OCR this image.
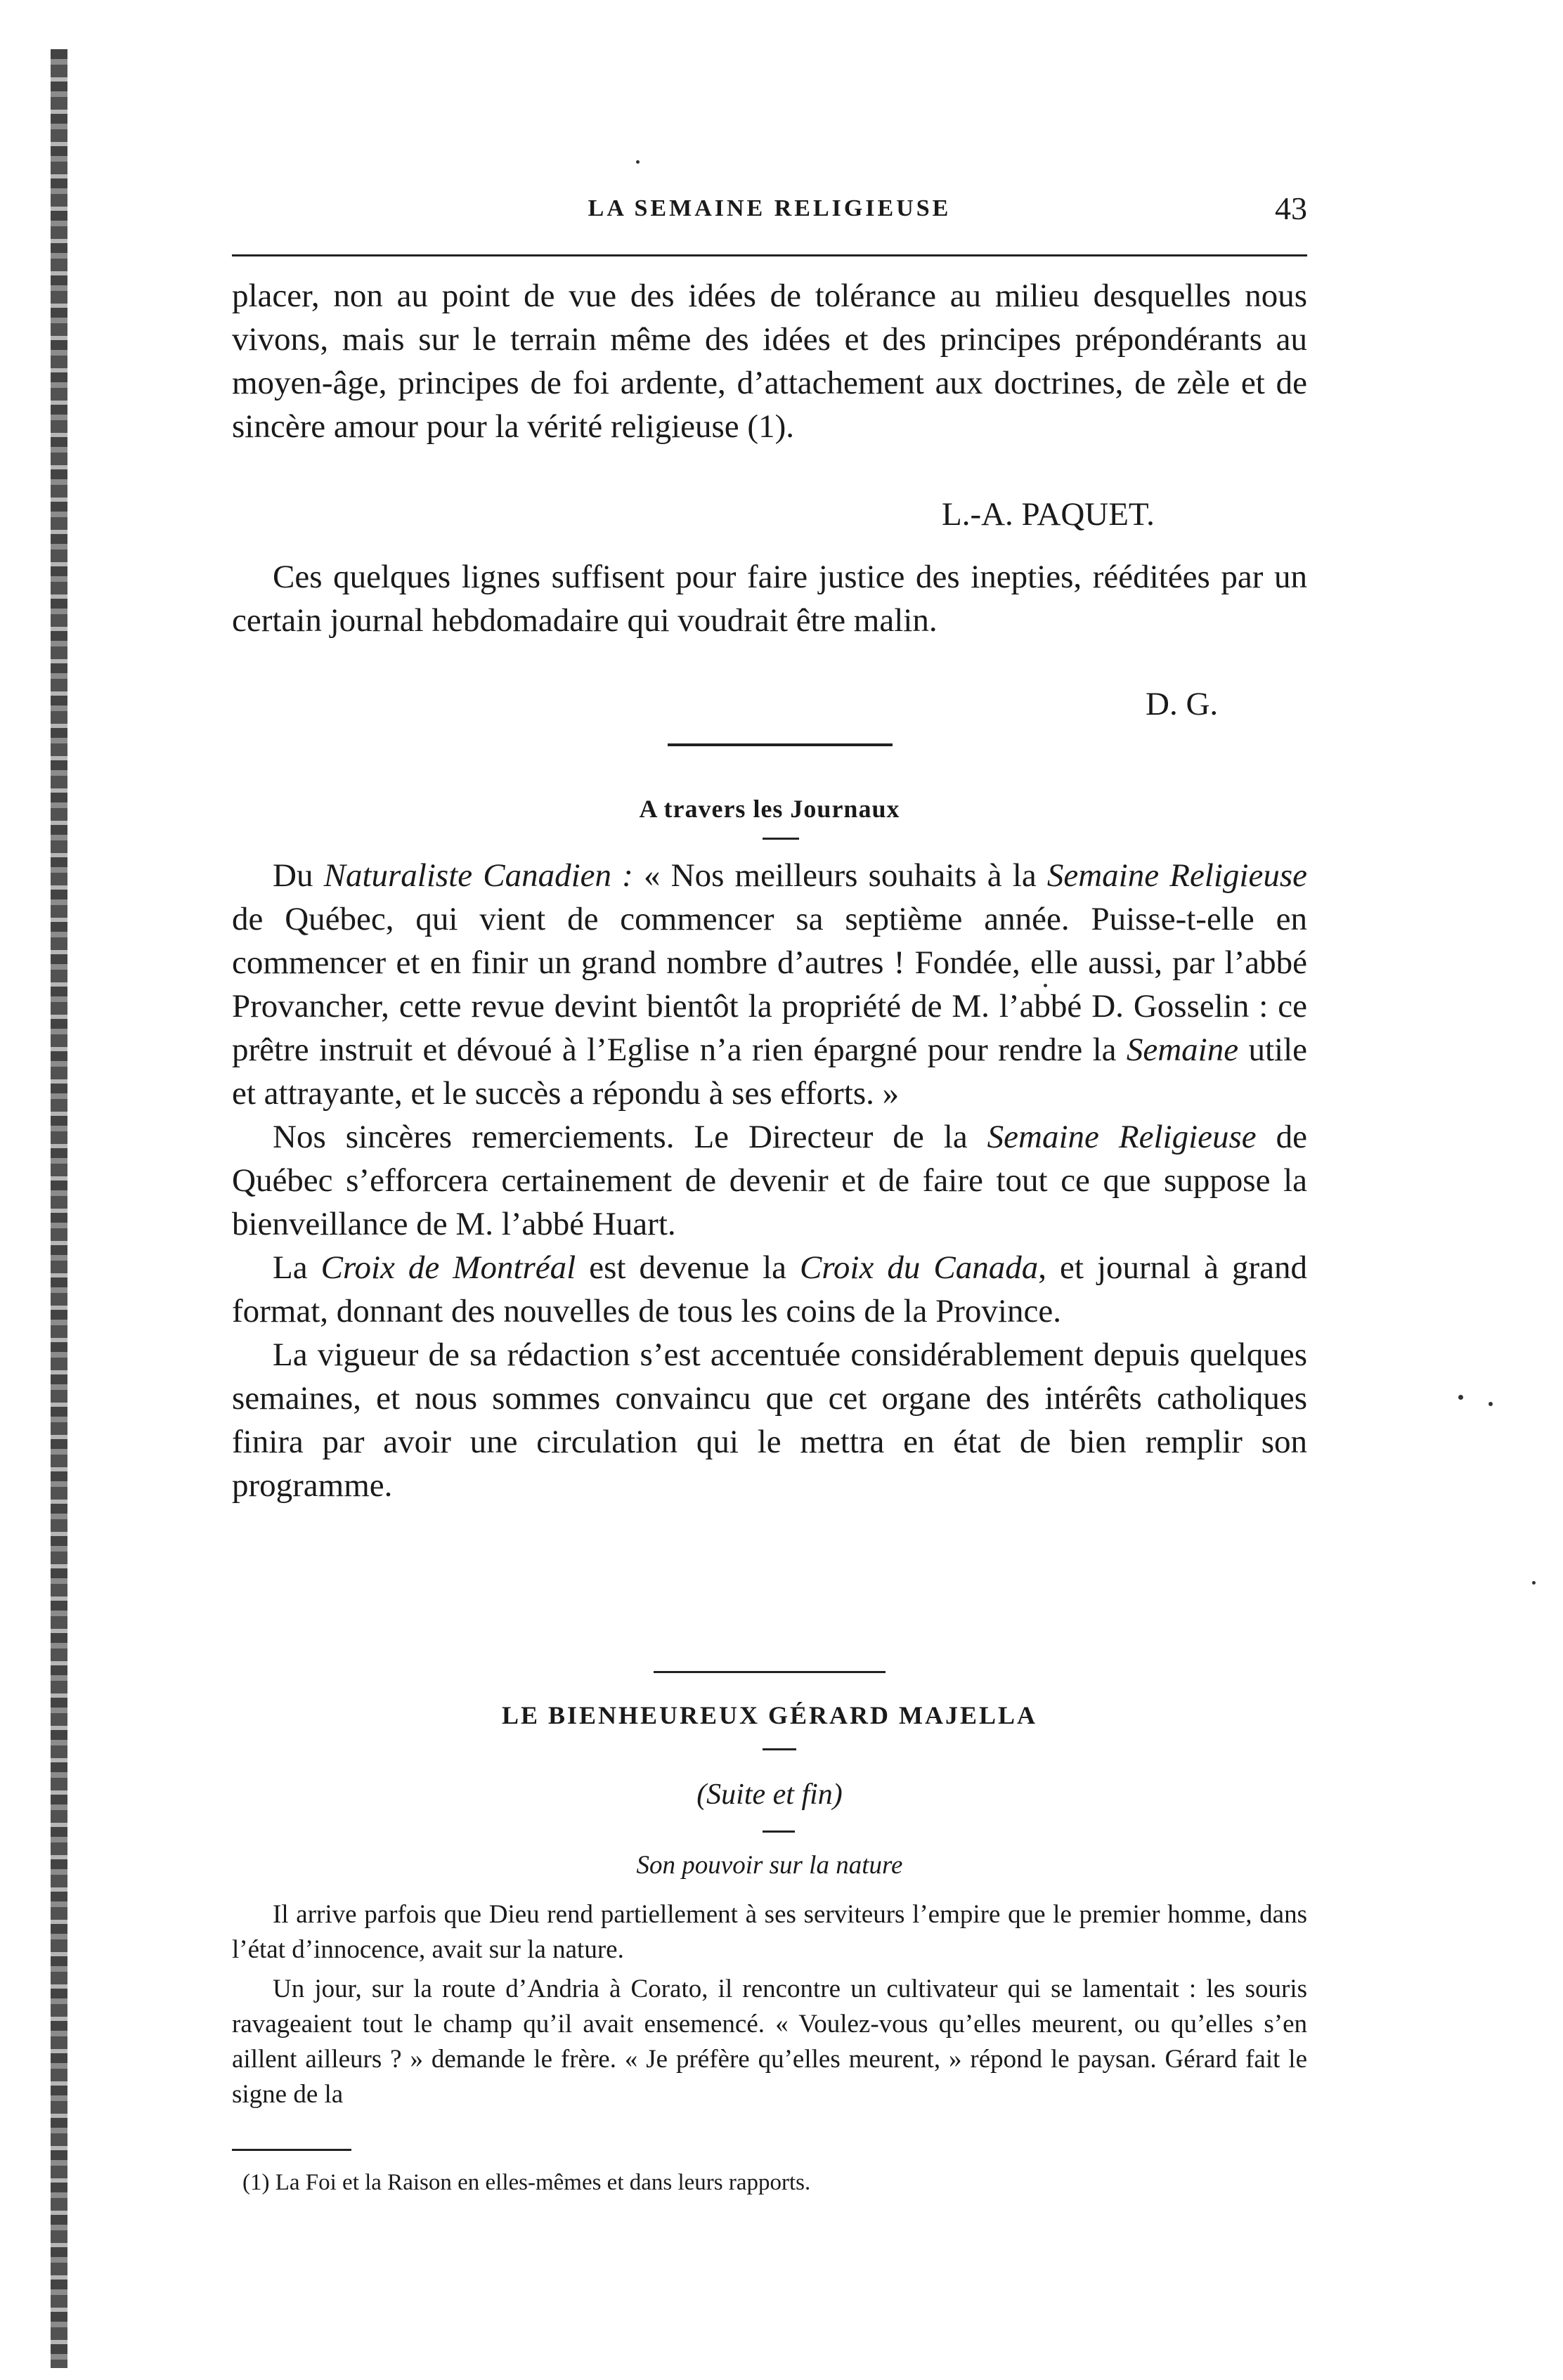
LA SEMAINE RELIGIEUSE	43

placer, non au point de vue des idées de tolérance au milieu desquelles nous vivons, mais sur le terrain même des idées et des principes prépondérants au moyen-âge, principes de foi ardente, d’attachement aux doctrines, de zèle et de sincère amour pour la vérité religieuse (1).

L.-A. PAQUET.

Ces quelques lignes suffisent pour faire justice des inepties, rééditées par un certain journal hebdomadaire qui voudrait être malin.

D. G.
A travers les Journaux

Du Naturaliste Canadien : « Nos meilleurs souhaits à la Semaine Religieuse de Québec, qui vient de commencer sa septième année. Puisse-t-elle en commencer et en finir un grand nombre d’autres ! Fondée, elle aussi, par l’abbé Provancher, cette revue devint bientôt la propriété de M. l’abbé D. Gosselin : ce prêtre instruit et dévoué à l’Eglise n’a rien épargné pour rendre la Semaine utile et attrayante, et le succès a répondu à ses efforts. »

Nos sincères remerciements. Le Directeur de la Semaine Religieuse de Québec s’efforcera certainement de devenir et de faire tout ce que suppose la bienveillance de M. l’abbé Huart.

La Croix de Montréal est devenue la Croix du Canada, et journal à grand format, donnant des nouvelles de tous les coins de la Province.

La vigueur de sa rédaction s’est accentuée considérablement depuis quelques semaines, et nous sommes convaincu que cet organe des intérêts catholiques finira par avoir une circulation qui le mettra en état de bien remplir son programme.

LE BIENHEUREUX GÉRARD MAJELLA
(Suite et fin)
Son pouvoir sur la nature

Il arrive parfois que Dieu rend partiellement à ses serviteurs l’empire que le premier homme, dans l’état d’innocence, avait sur la nature.

Un jour, sur la route d’Andria à Corato, il rencontre un cultivateur qui se lamentait : les souris ravageaient tout le champ qu’il avait ensemencé. « Voulez-vous qu’elles meurent, ou qu’elles s’en aillent ailleurs ? » demande le frère. « Je préfère qu’elles meurent, » répond le paysan. Gérard fait le signe de la

(1) La Foi et la Raison en elles-mêmes et dans leurs rapports.
